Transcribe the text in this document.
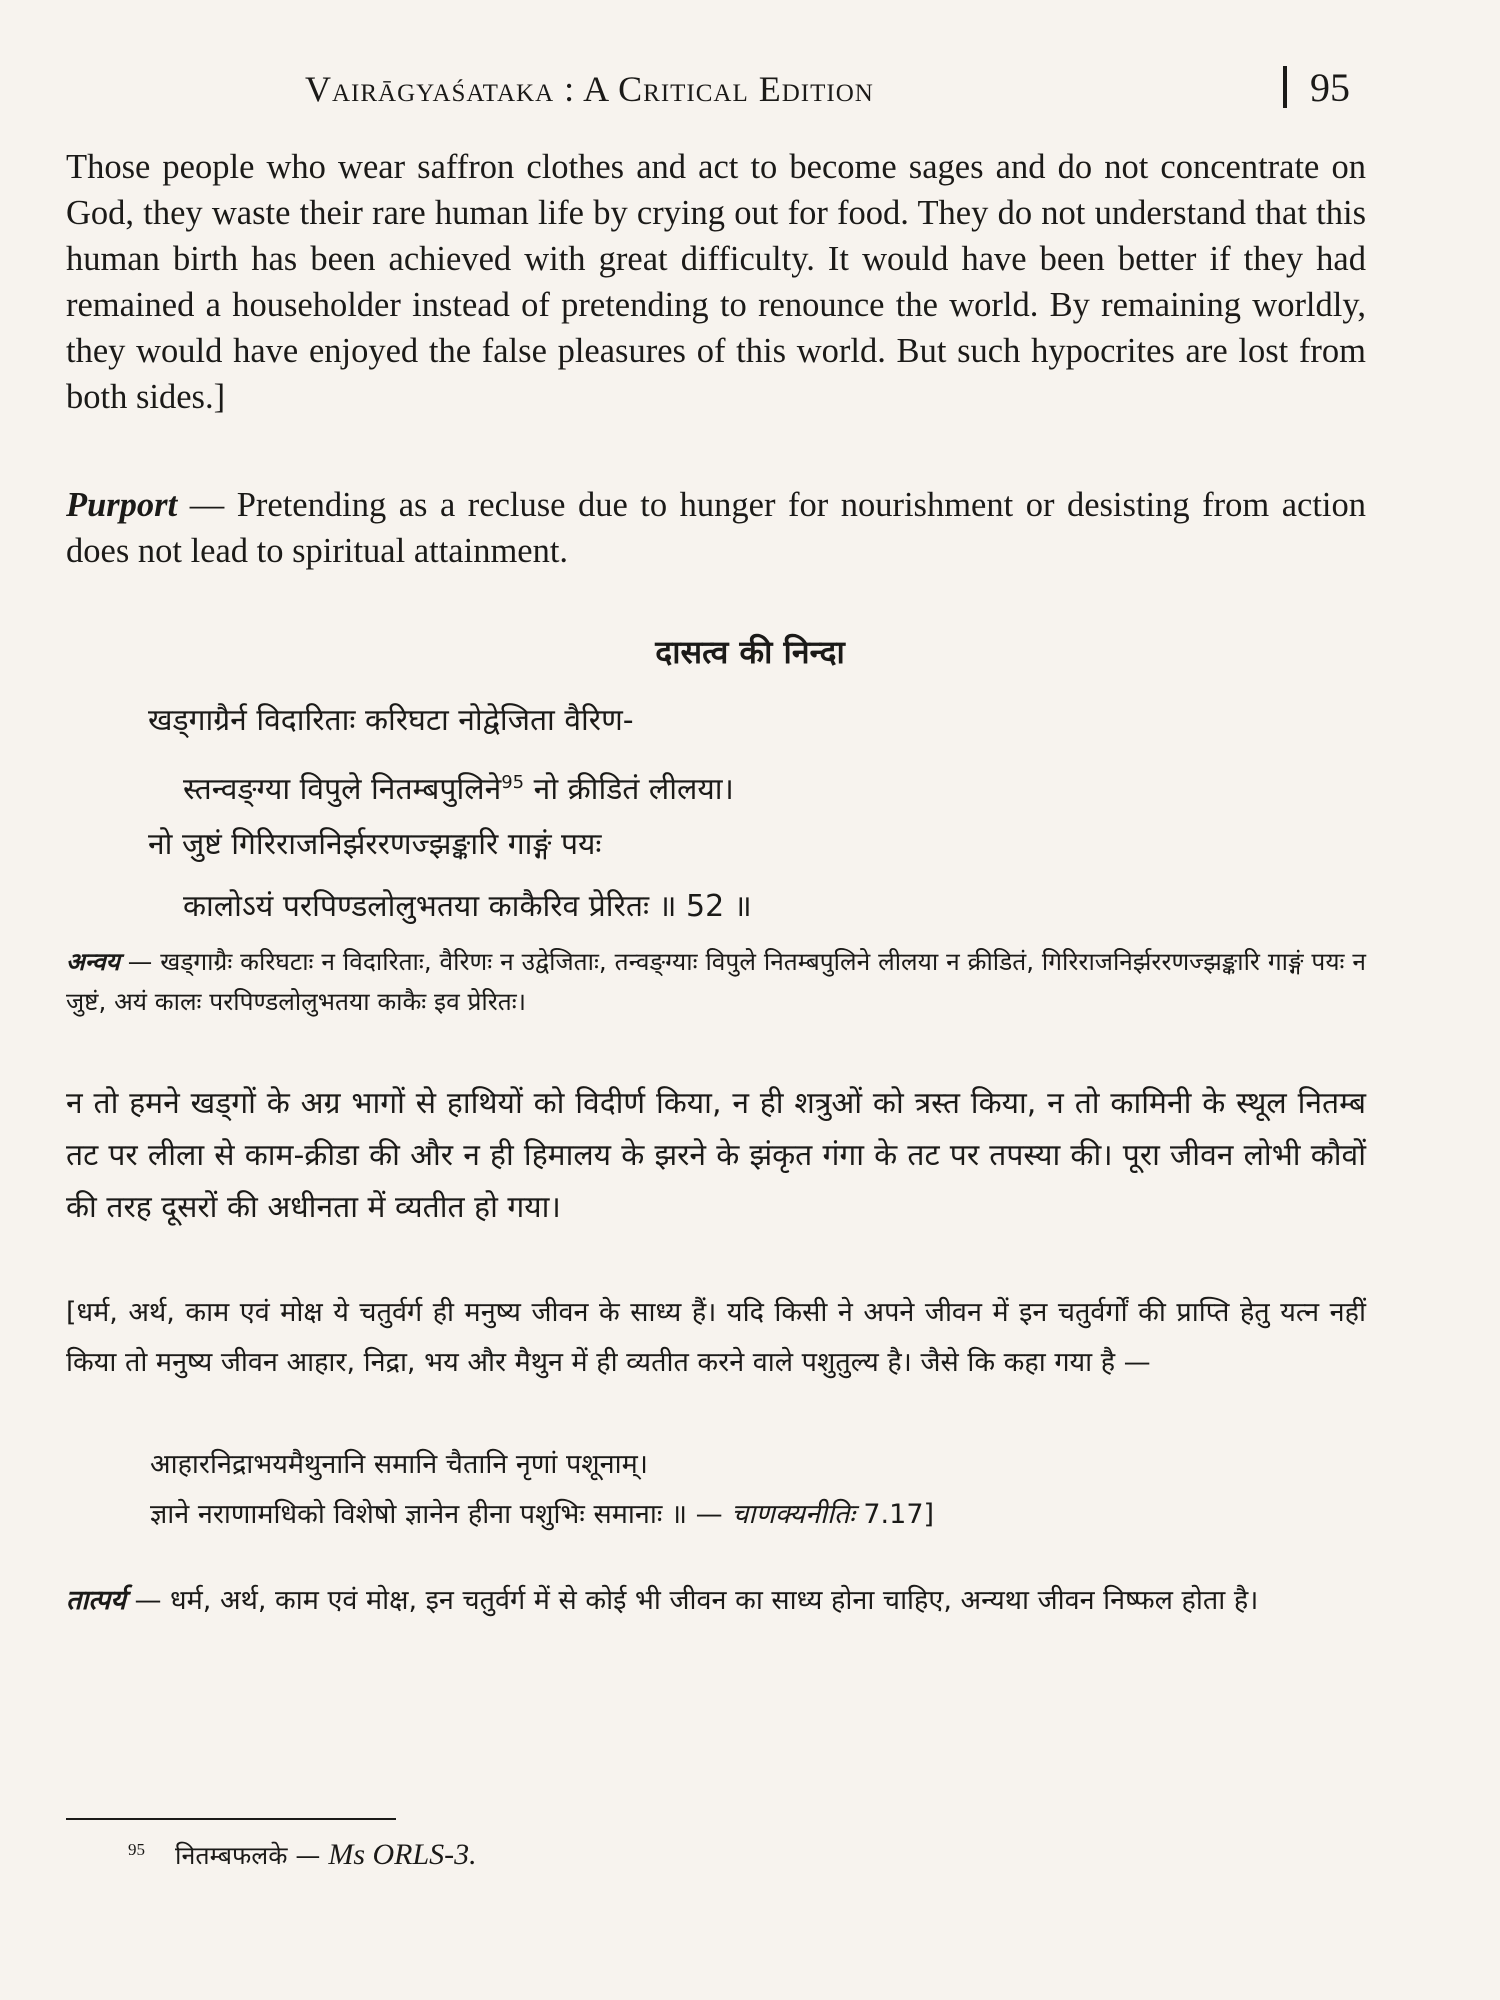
Vairāgyaśataka : A Critical Edition	95

Those people who wear saffron clothes and act to become sages and do not concentrate on God, they waste their rare human life by crying out for food. They do not understand that this human birth has been achieved with great difficulty. It would have been better if they had remained a householder instead of pretending to renounce the world. By remaining worldly, they would have enjoyed the false pleasures of this world. But such hypocrites are lost from both sides.]

Purport — Pretending as a recluse due to hunger for nourishment or desisting from action does not lead to spiritual attainment.

दासत्व की निन्दा
खड्गाग्रैर्न विदारिताः करिघटा नोद्वेजिता वैरिण-
स्तन्वङ्ग्या विपुले नितम्बपुलिने$^{95}$ नो क्रीडितं लीलया।
नो जुष्टं गिरिराजनिर्झररणज्झङ्कारि गाङ्गं पयः
कालोऽयं परपिण्डलोलुभतया काकैरिव प्रेरितः ॥ 52 ॥

अन्वय — खड्गाग्रैः करिघटाः न विदारिताः, वैरिणः न उद्वेजिताः, तन्वङ्ग्याः विपुले नितम्बपुलिने लीलया न क्रीडितं, गिरिराजनिर्झररणज्झङ्कारि गाङ्गं पयः न जुष्टं, अयं कालः परपिण्डलोलुभतया काकैः इव प्रेरितः।

न तो हमने खड्गों के अग्र भागों से हाथियों को विदीर्ण किया, न ही शत्रुओं को त्रस्त किया, न तो कामिनी के स्थूल नितम्ब तट पर लीला से काम-क्रीडा की और न ही हिमालय के झरने के झंकृत गंगा के तट पर तपस्या की। पूरा जीवन लोभी कौवों की तरह दूसरों की अधीनता में व्यतीत हो गया।

[धर्म, अर्थ, काम एवं मोक्ष ये चतुर्वर्ग ही मनुष्य जीवन के साध्य हैं। यदि किसी ने अपने जीवन में इन चतुर्वर्गों की प्राप्ति हेतु यत्न नहीं किया तो मनुष्य जीवन आहार, निद्रा, भय और मैथुन में ही व्यतीत करने वाले पशुतुल्य है। जैसे कि कहा गया है —

आहारनिद्राभयमैथुनानि समानि चैतानि नृणां पशूनाम्।
ज्ञाने नराणामधिको विशेषो ज्ञानेन हीना पशुभिः समानाः ॥ — चाणक्यनीतिः 7.17]

तात्पर्य — धर्म, अर्थ, काम एवं मोक्ष, इन चतुर्वर्ग में से कोई भी जीवन का साध्य होना चाहिए, अन्यथा जीवन निष्फल होता है।

$^{95}$ नितम्बफलके — Ms ORLS-3.
